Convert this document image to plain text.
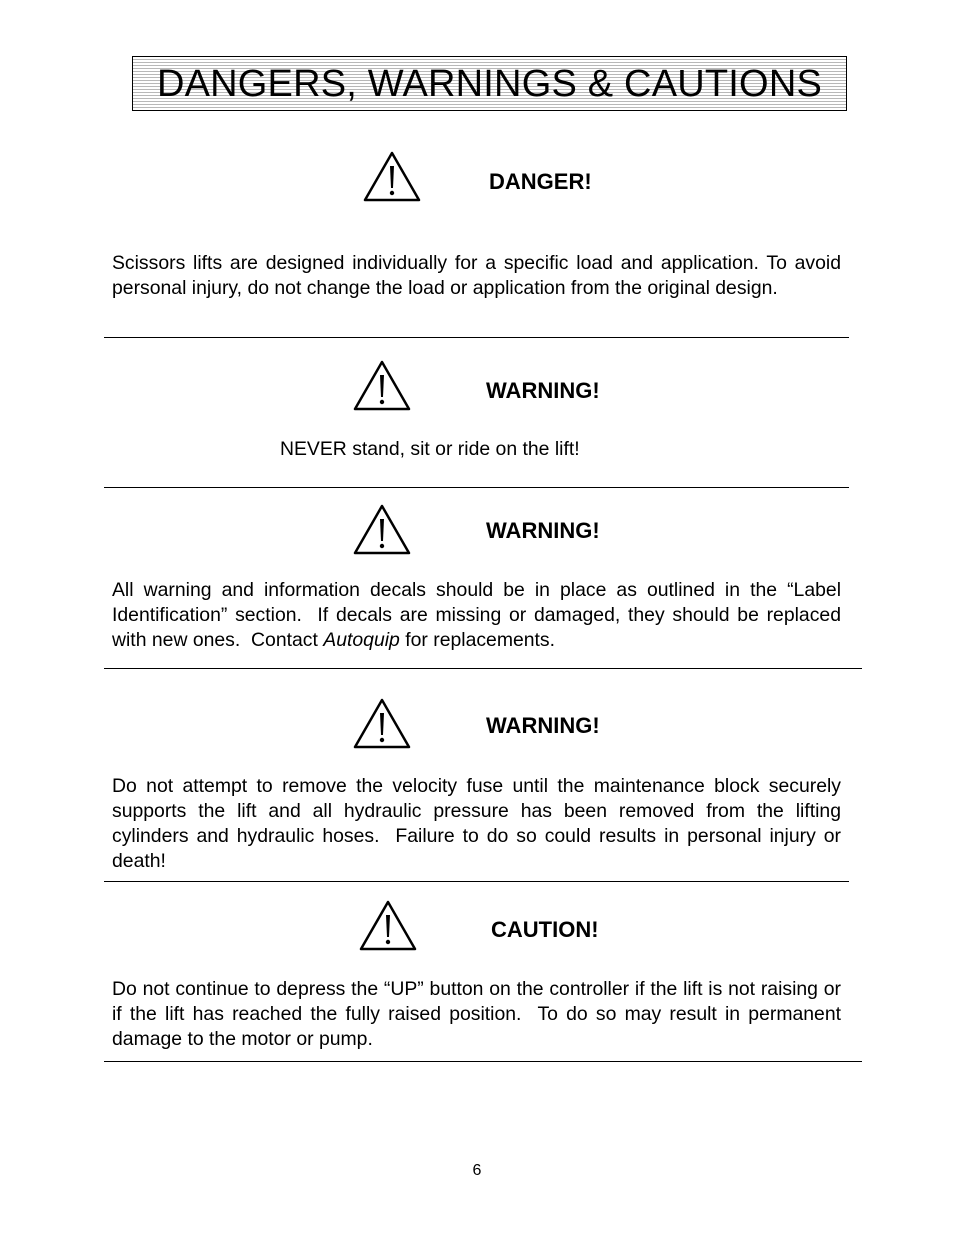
DANGERS, WARNINGS & CAUTIONS
DANGER!

Scissors lifts are designed individually for a specific load and application. To avoid personal injury, do not change the load or application from the original design.

WARNING!

NEVER stand, sit or ride on the lift!

WARNING!

All warning and information decals should be in place as outlined in the “Label Identification” section.  If decals are missing or damaged, they should be replaced with new ones.  Contact Autoquip for replacements.

WARNING!

Do not attempt to remove the velocity fuse until the maintenance block securely supports the lift and all hydraulic pressure has been removed from the lifting cylinders and hydraulic hoses.  Failure to do so could results in personal injury or death!

CAUTION!

Do not continue to depress the “UP” button on the controller if the lift is not raising or if the lift has reached the fully raised position.  To do so may result in permanent damage to the motor or pump.

6
